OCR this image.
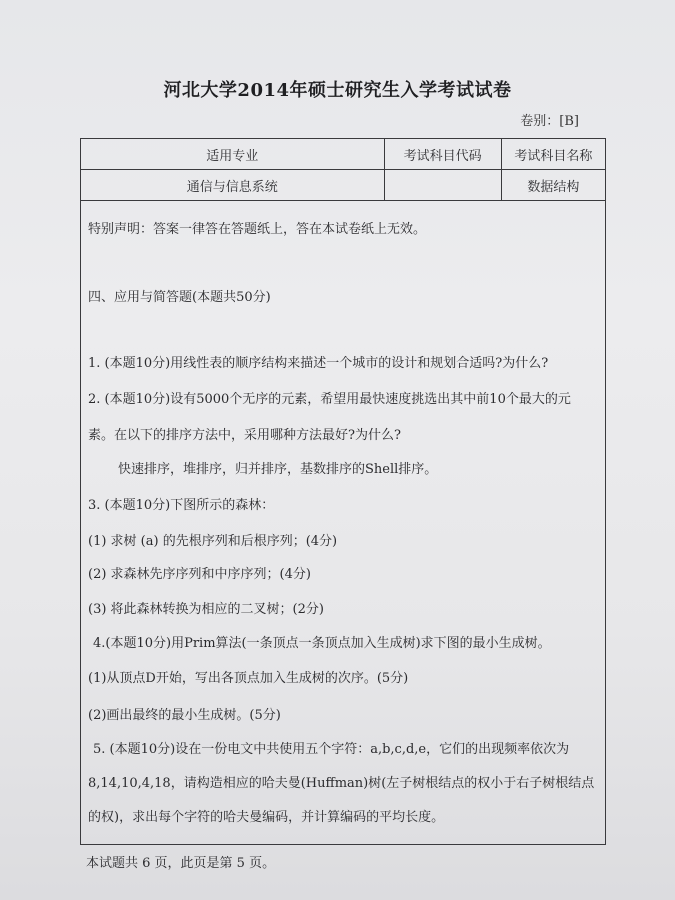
河北大学2014年硕士研究生入学考试试卷
卷别：[B]
适用专业	考试科目代码	考试科目名称
通信与信息系统		数据结构
特别声明：答案一律答在答题纸上，答在本试卷纸上无效。
四、应用与简答题(本题共50分)
1. (本题10分)用线性表的顺序结构来描述一个城市的设计和规划合适吗?为什么?
2. (本题10分)设有5000个无序的元素，希望用最快速度挑选出其中前10个最大的元
素。在以下的排序方法中，采用哪种方法最好?为什么?
快速排序，堆排序，归并排序，基数排序的Shell排序。
3. (本题10分)下图所示的森林：
(1) 求树 (a) 的先根序列和后根序列；(4分)
(2) 求森林先序序列和中序序列；(4分)
(3) 将此森林转换为相应的二叉树；(2分)
4.(本题10分)用Prim算法(一条顶点一条顶点加入生成树)求下图的最小生成树。
(1)从顶点D开始，写出各顶点加入生成树的次序。(5分)
(2)画出最终的最小生成树。(5分)
5. (本题10分)设在一份电文中共使用五个字符：a,b,c,d,e，它们的出现频率依次为
8,14,10,4,18，请构造相应的哈夫曼(Huffman)树(左子树根结点的权小于右子树根结点
的权)，求出每个字符的哈夫曼编码，并计算编码的平均长度。
本试题共 6 页，此页是第 5 页。
